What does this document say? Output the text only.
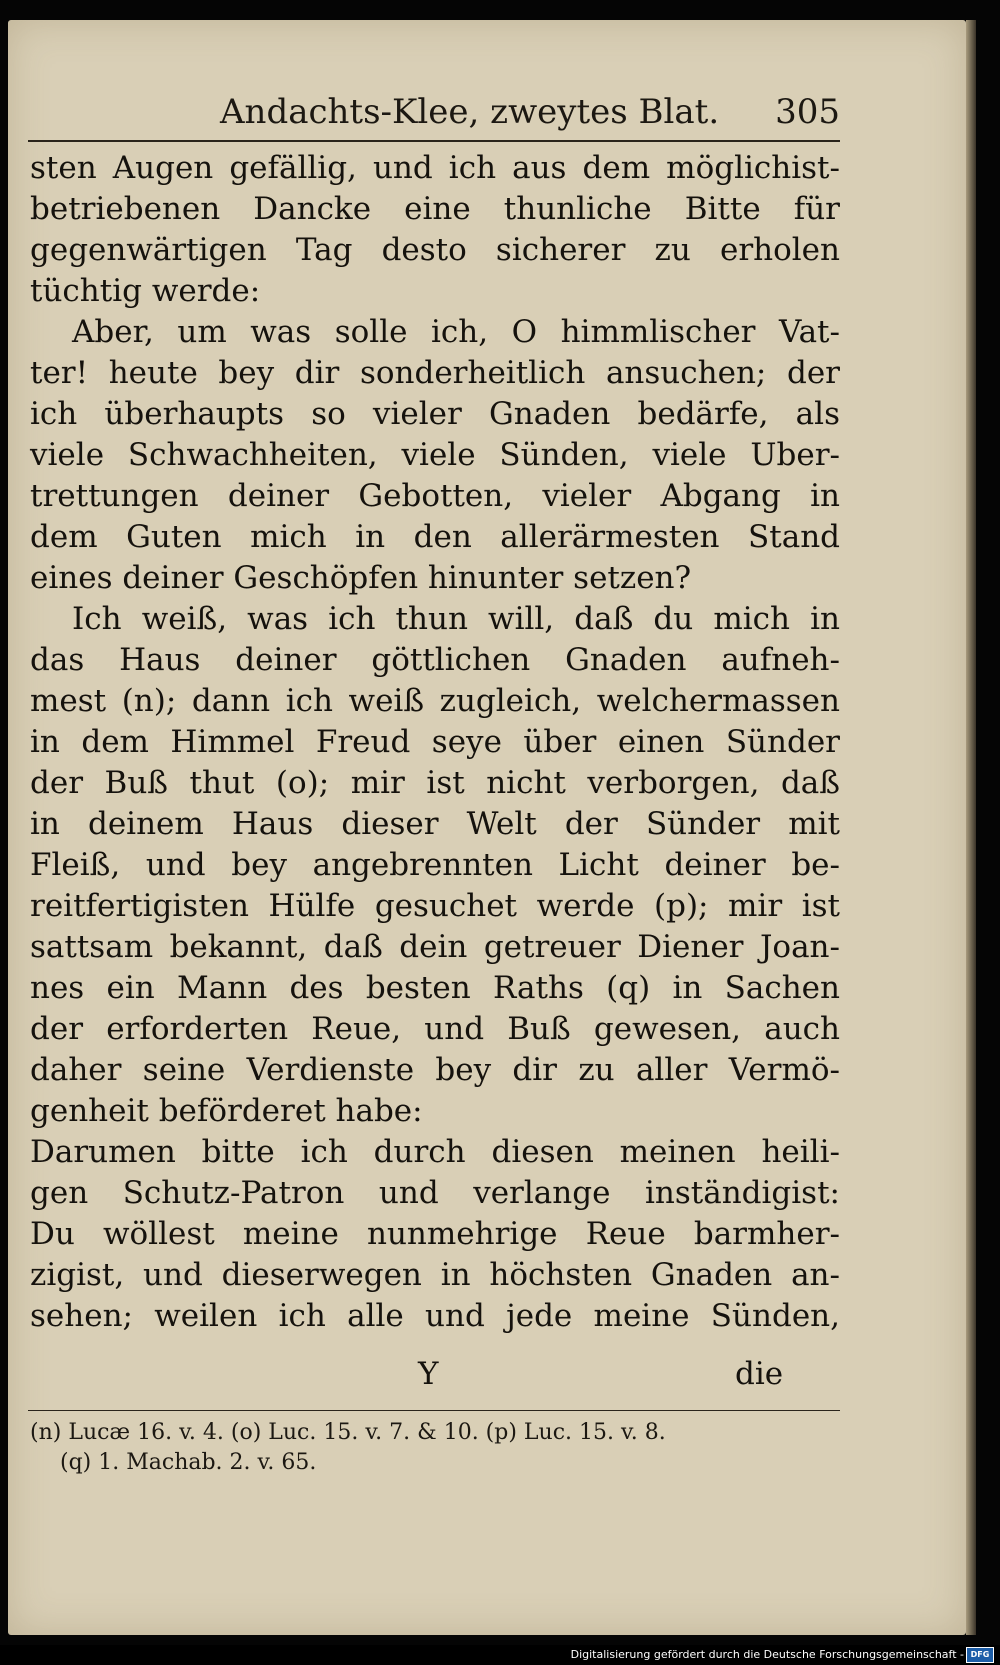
Andachts-Klee, zweytes Blat. 305
sten Augen gefällig, und ich aus dem möglichist-
betriebenen Dancke eine thunliche Bitte für
gegenwärtigen Tag desto sicherer zu erholen
tüchtig werde:
Aber, um was solle ich, O himmlischer Vat-
ter! heute bey dir sonderheitlich ansuchen; der
ich überhaupts so vieler Gnaden bedärfe, als
viele Schwachheiten, viele Sünden, viele Uber-
trettungen deiner Gebotten, vieler Abgang in
dem Guten mich in den allerärmesten Stand
eines deiner Geschöpfen hinunter setzen?
Ich weiß, was ich thun will, daß du mich in
das Haus deiner göttlichen Gnaden aufneh-
mest (n); dann ich weiß zugleich, welchermassen
in dem Himmel Freud seye über einen Sünder
der Buß thut (o); mir ist nicht verborgen, daß
in deinem Haus dieser Welt der Sünder mit
Fleiß, und bey angebrennten Licht deiner be-
reitfertigisten Hülfe gesuchet werde (p); mir ist
sattsam bekannt, daß dein getreuer Diener Joan-
nes ein Mann des besten Raths (q) in Sachen
der erforderten Reue, und Buß gewesen, auch
daher seine Verdienste bey dir zu aller Vermö-
genheit beförderet habe:
Darumen bitte ich durch diesen meinen heili-
gen Schutz-Patron und verlange inständigist:
Du wöllest meine nunmehrige Reue barmher-
zigist, und dieserwegen in höchsten Gnaden an-
sehen; weilen ich alle und jede meine Sünden,
Y	die
(n) Lucæ 16. v. 4. (o) Luc. 15. v. 7. & 10. (p) Luc. 15. v. 8.
(q) 1. Machab. 2. v. 65.
Digitalisierung gefördert durch die Deutsche Forschungsgemeinschaft - DFG
